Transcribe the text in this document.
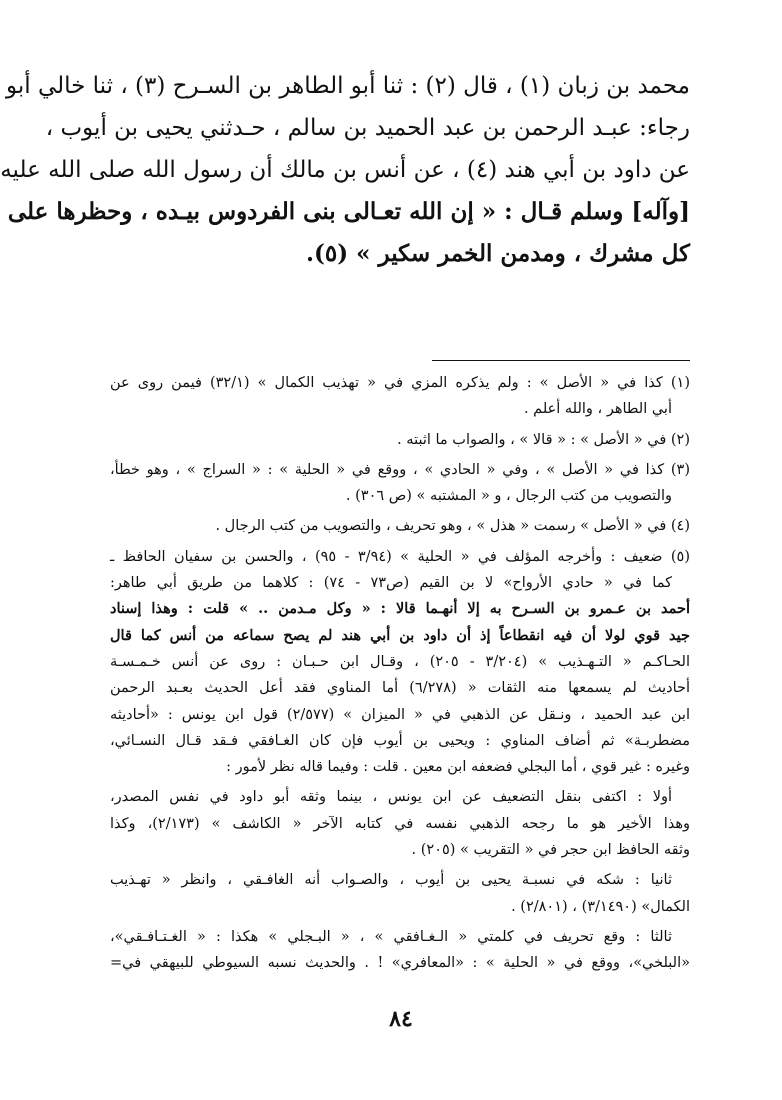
محمد بن زبان (١) ، قال (٢) : ثنا أبو الطاهر بن السـرح (٣) ، ثنا خالي أبو
رجاء: عبـد الرحمن بن عبد الحميد بن سالم ، حـدثني يحيى بن أيوب ،
عن داود بن أبي هند (٤) ، عن أنس بن مالك أن رسول الله صلى الله عليه
[وآله] وسلم قـال : « إن الله تعـالى بنى الفردوس بيـده ، وحظرها على
كل مشرك ، ومدمن الخمر سكير » (٥).

(١) كذا في « الأصل » : ولم يذكره المزي في « تهذيب الكمال » (٣٢/١) فيمن روى عن
أبي الطاهر ، والله أعلم .
(٢) في « الأصل » : « قالا » ، والصواب ما اثبته .
(٣) كذا في « الأصل » ، وفي « الحادي » ، ووقع في « الحلية » : « السراج » ، وهو خطأ،
والتصويب من كتب الرجال ، و « المشتبه » (ص ٣٠٦) .
(٤) في « الأصل » رسمت « هذل » ، وهو تحريف ، والتصويب من كتب الرجال .
(٥) ضعيف : وأخرجه المؤلف في « الحلية » (٣/٩٤ - ٩٥) ، والحسن بن سفيان الحافظ ـ
كما في « حادي الأرواح» لا بن القيم (ص٧٣ - ٧٤) : كلاهما من طريق أبي طاهر:
أحمد بن عـمرو بن السـرح به إلا أنهـما قالا : « وكل مـدمن .. » قلت : وهذا إسناد
جيد قوي لولا أن فيه انقطاعاً إذ أن داود بن أبي هند لم يصح سماعه من أنس كما قال
الحـاكـم « التـهـذيب » (٣/٢٠٤ - ٢٠٥) ، وقـال ابن حـبـان : روى عن أنس خـمـسـة
أحاديث لم يسمعها منه الثقات « (٦/٢٧٨) أما المناوي فقد أعل الحديث بعـبد الرحمن
ابن عبد الحميد ، ونـقل عن الذهبي في « الميزان » (٢/٥٧٧) قول ابن يونس : «أحاديثه
مضطربـة» ثم أضاف المناوي : ويحيى بن أيوب فإن كان الغـافقي فـقد قـال النسـائي،
وغيره : غير قوي ، أما البجلي فضعفه ابن معين . قلت : وفيما قاله نظر لأمور :
أولا : اكتفى بنقل التضعيف عن ابن يونس ، بينما وثقه أبو داود في نفس المصدر،
وهذا الأخير هو ما رجحه الذهبي نفسه في كتابه الآخر « الكاشف » (٢/١٧٣)، وكذا
وثقه الحافظ ابن حجر في « التقريب » (٢٠٥) .
ثانيا : شكه في نسبـة يحيى بن أيوب ، والصـواب أنه الغافـقي ، وانظر « تهـذيب
الكمال» (٣/١٤٩٠) ، (٢/٨٠١) .
ثالثا : وقع تحريف في كلمتي « الـغـافقي » ، « البـجلي » هكذا : « الغـتـافـقي»،
«البلخي»، ووقع في « الحلية » : «المعافري» ! . والحديث نسبه السيوطي للبيهقي في=
٨٤
